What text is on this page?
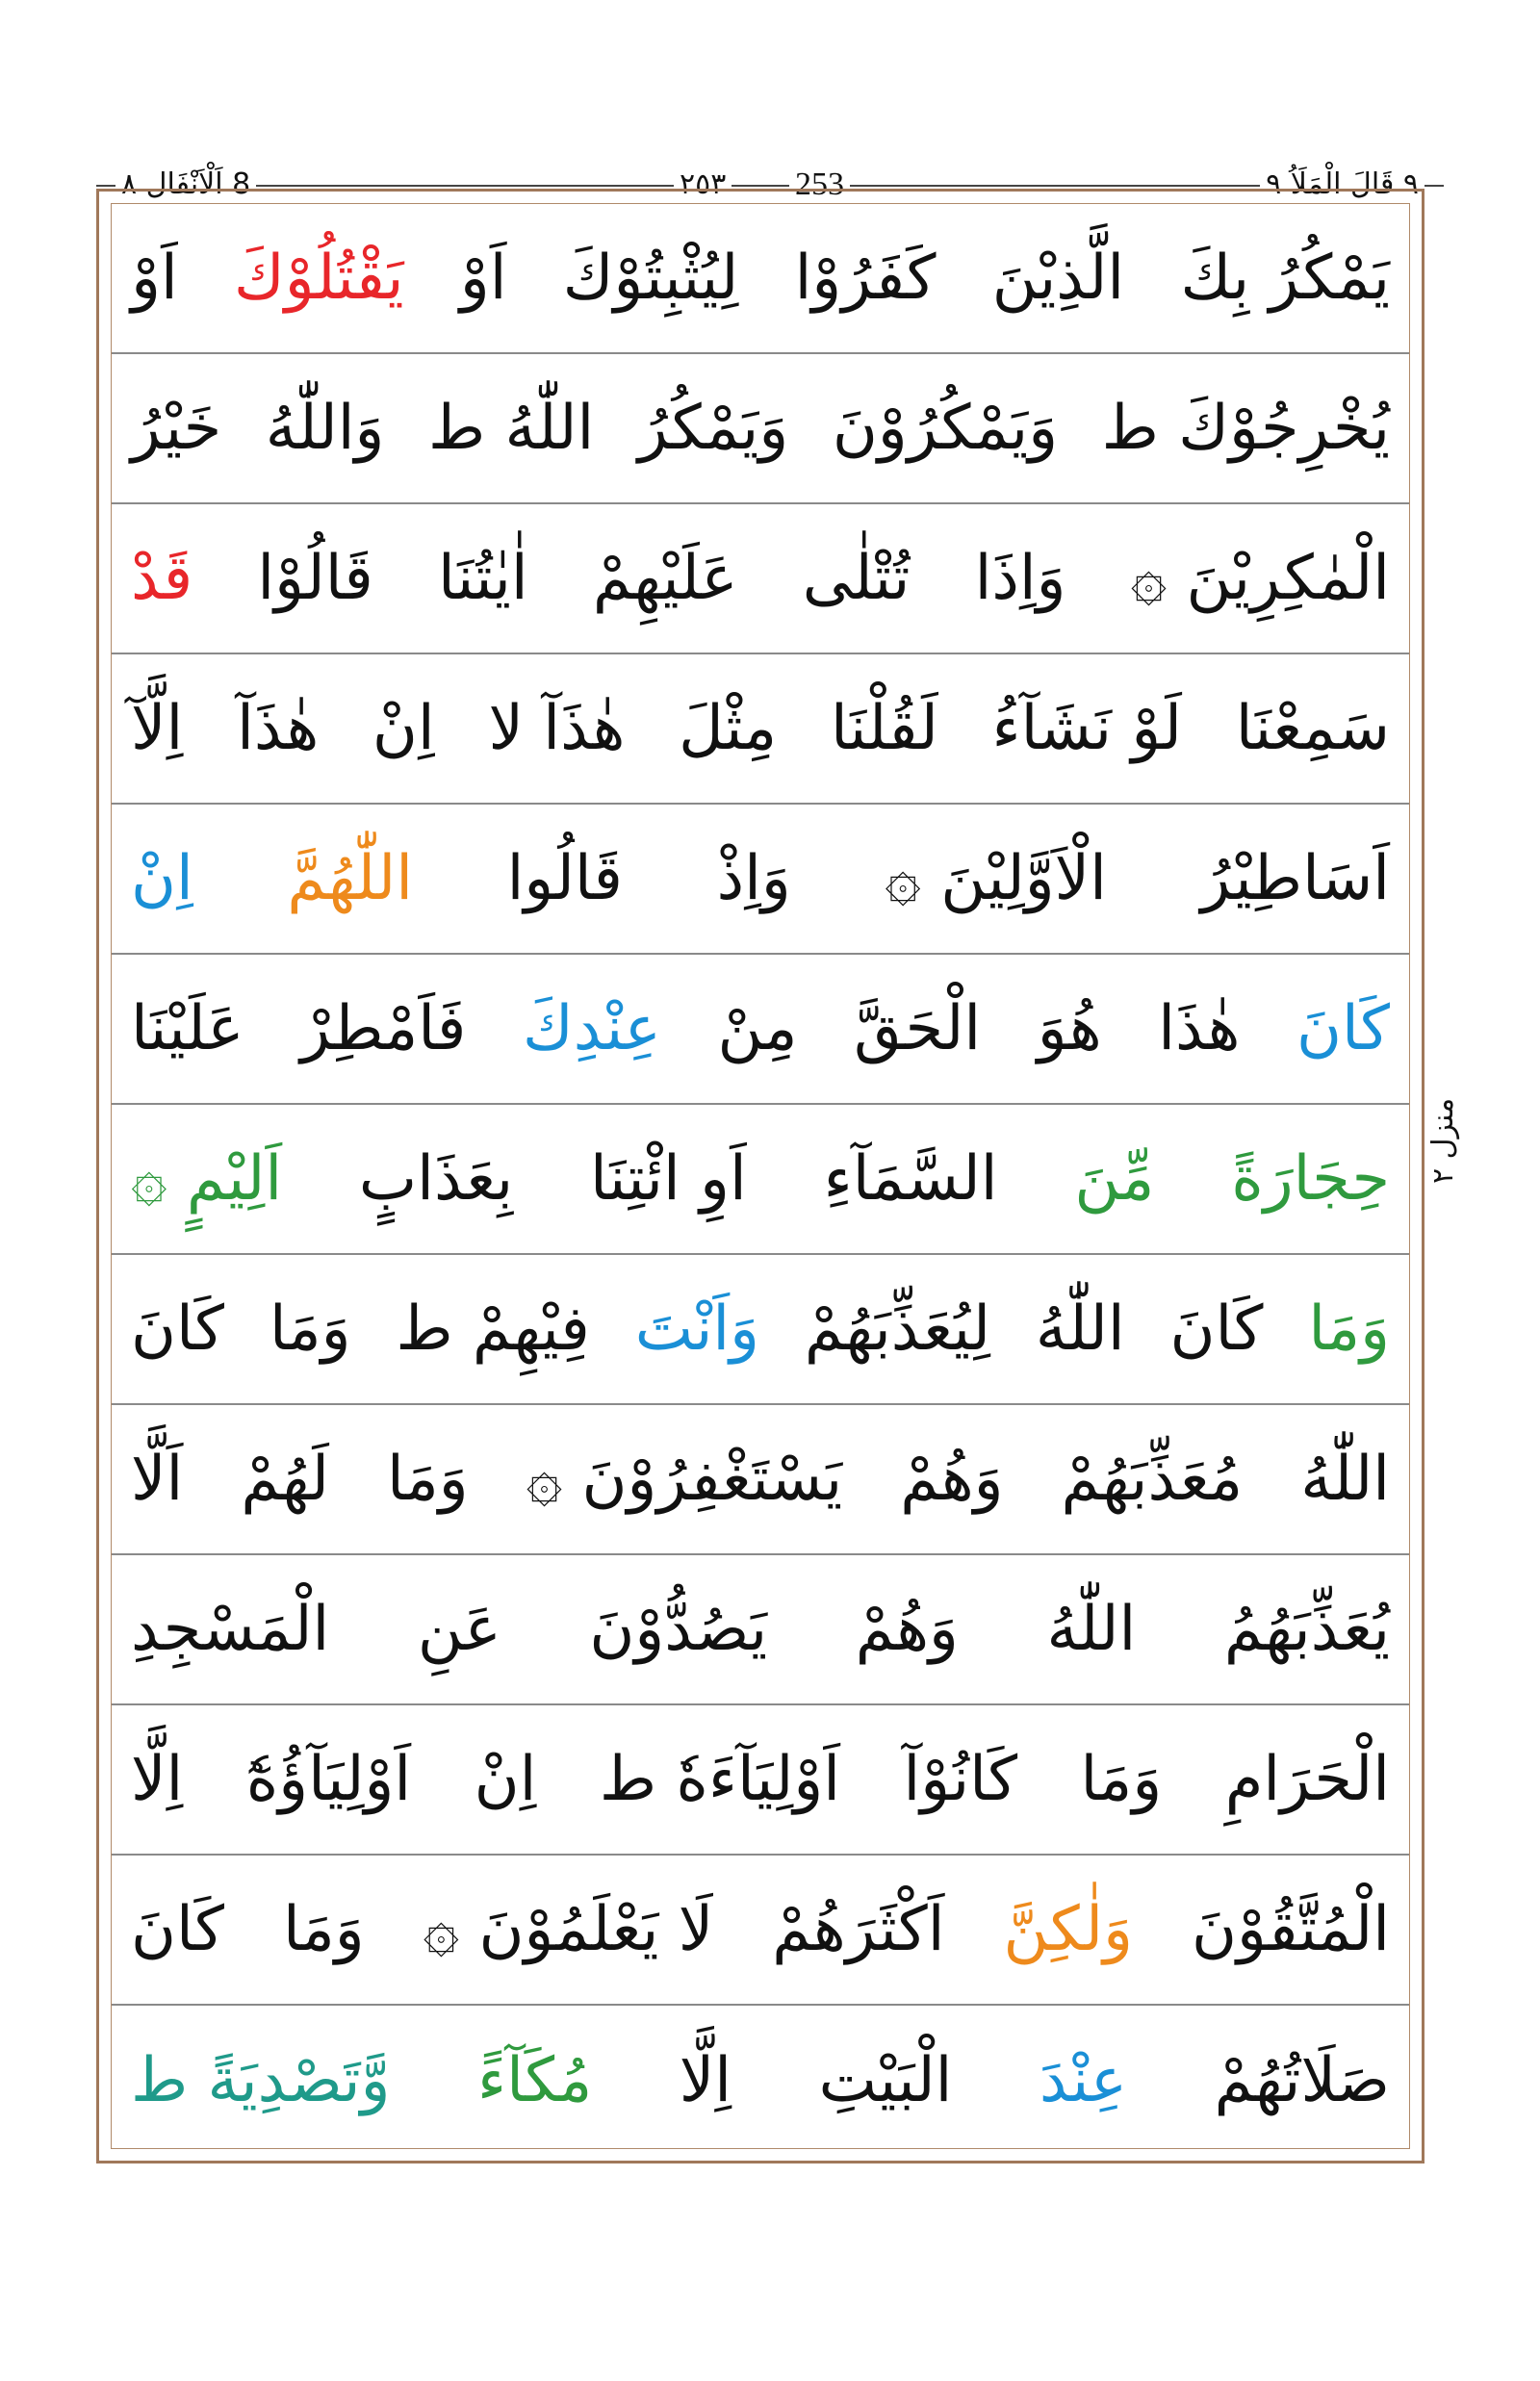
٩ قَالَ الْمَلَاُ ٩
٢٥٣ 253
8 اَلْاَنْفَال ٨
يَمْكُرُ بِكَ
الَّذِيْنَ
كَفَرُوْا
لِيُثْبِتُوْكَ
اَوْ
يَقْتُلُوْكَ
اَوْ
يُخْرِجُوْكَ ط
وَيَمْكُرُوْنَ
وَيَمْكُرُ
اللّٰهُ ط
وَاللّٰهُ
خَيْرُ
الْمٰكِرِيْنَ ۞
وَاِذَا
تُتْلٰى
عَلَيْهِمْ
اٰيٰتُنَا
قَالُوْا
قَدْ
سَمِعْنَا
لَوْ نَشَآءُ
لَقُلْنَا
مِثْلَ
هٰذَآ لا
اِنْ
هٰذَآ
اِلَّآ
اَسَاطِيْرُ
الْاَوَّلِيْنَ ۞
وَاِذْ
قَالُوا
اللّٰهُمَّ
اِنْ
كَانَ
هٰذَا
هُوَ
الْحَقَّ
مِنْ
عِنْدِكَ
فَاَمْطِرْ
عَلَيْنَا
حِجَارَةً
مِّنَ
السَّمَآءِ
اَوِ ائْتِنَا
بِعَذَابٍ
اَلِيْمٍ ۞
وَمَا
كَانَ
اللّٰهُ
لِيُعَذِّبَهُمْ
وَاَنْتَ
فِيْهِمْ ط
وَمَا
كَانَ
اللّٰهُ
مُعَذِّبَهُمْ
وَهُمْ
يَسْتَغْفِرُوْنَ ۞
وَمَا
لَهُمْ
اَلَّا
يُعَذِّبَهُمُ
اللّٰهُ
وَهُمْ
يَصُدُّوْنَ
عَنِ
الْمَسْجِدِ
الْحَرَامِ
وَمَا
كَانُوْآ
اَوْلِيَآءَهٗ ط
اِنْ
اَوْلِيَآؤُهٗٓ
اِلَّا
الْمُتَّقُوْنَ
وَلٰكِنَّ
اَكْثَرَهُمْ
لَا يَعْلَمُوْنَ ۞
وَمَا
كَانَ
صَلَاتُهُمْ
عِنْدَ
الْبَيْتِ
اِلَّا
مُكَآءً
وَّتَصْدِيَةً ط
منزل ٢
